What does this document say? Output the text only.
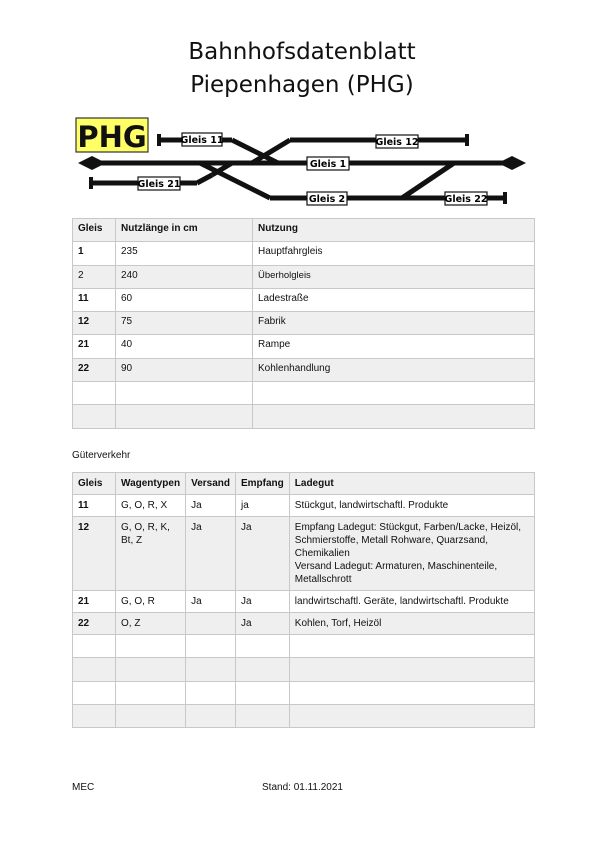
Bahnhofsdatenblatt
Piepenhagen (PHG)
PHG	Gleis 11	Gleis 12
Gleis 1
Gleis 21
Gleis 2	Gleis 22
Gleis	Nutzlänge in cm	Nutzung
1	235	Hauptfahrgleis
2	240	Überholgleis
11	60	Ladestraße
12	75	Fabrik
21	40	Rampe
22	90	Kohlenhandlung

Güterverkehr
Gleis	Wagentypen	Versand	Empfang	Ladegut
11	G, O, R, X	Ja	ja	Stückgut, landwirtschaftl. Produkte

12	G, O, R, K, Bt, Z	Ja	Ja	Empfang Ladegut: Stückgut, Farben/Lacke, Heizöl, Schmierstoffe, Metall Rohware, Quarzsand, Chemikalien
Versand Ladegut: Armaturen, Maschinenteile, Metallschrott

21	G, O, R	Ja	Ja	landwirtschaftl. Geräte, landwirtschaftl. Produkte

22	O, Z		Ja	Kohlen, Torf, Heizöl

MEC	Stand: 01.11.2021
